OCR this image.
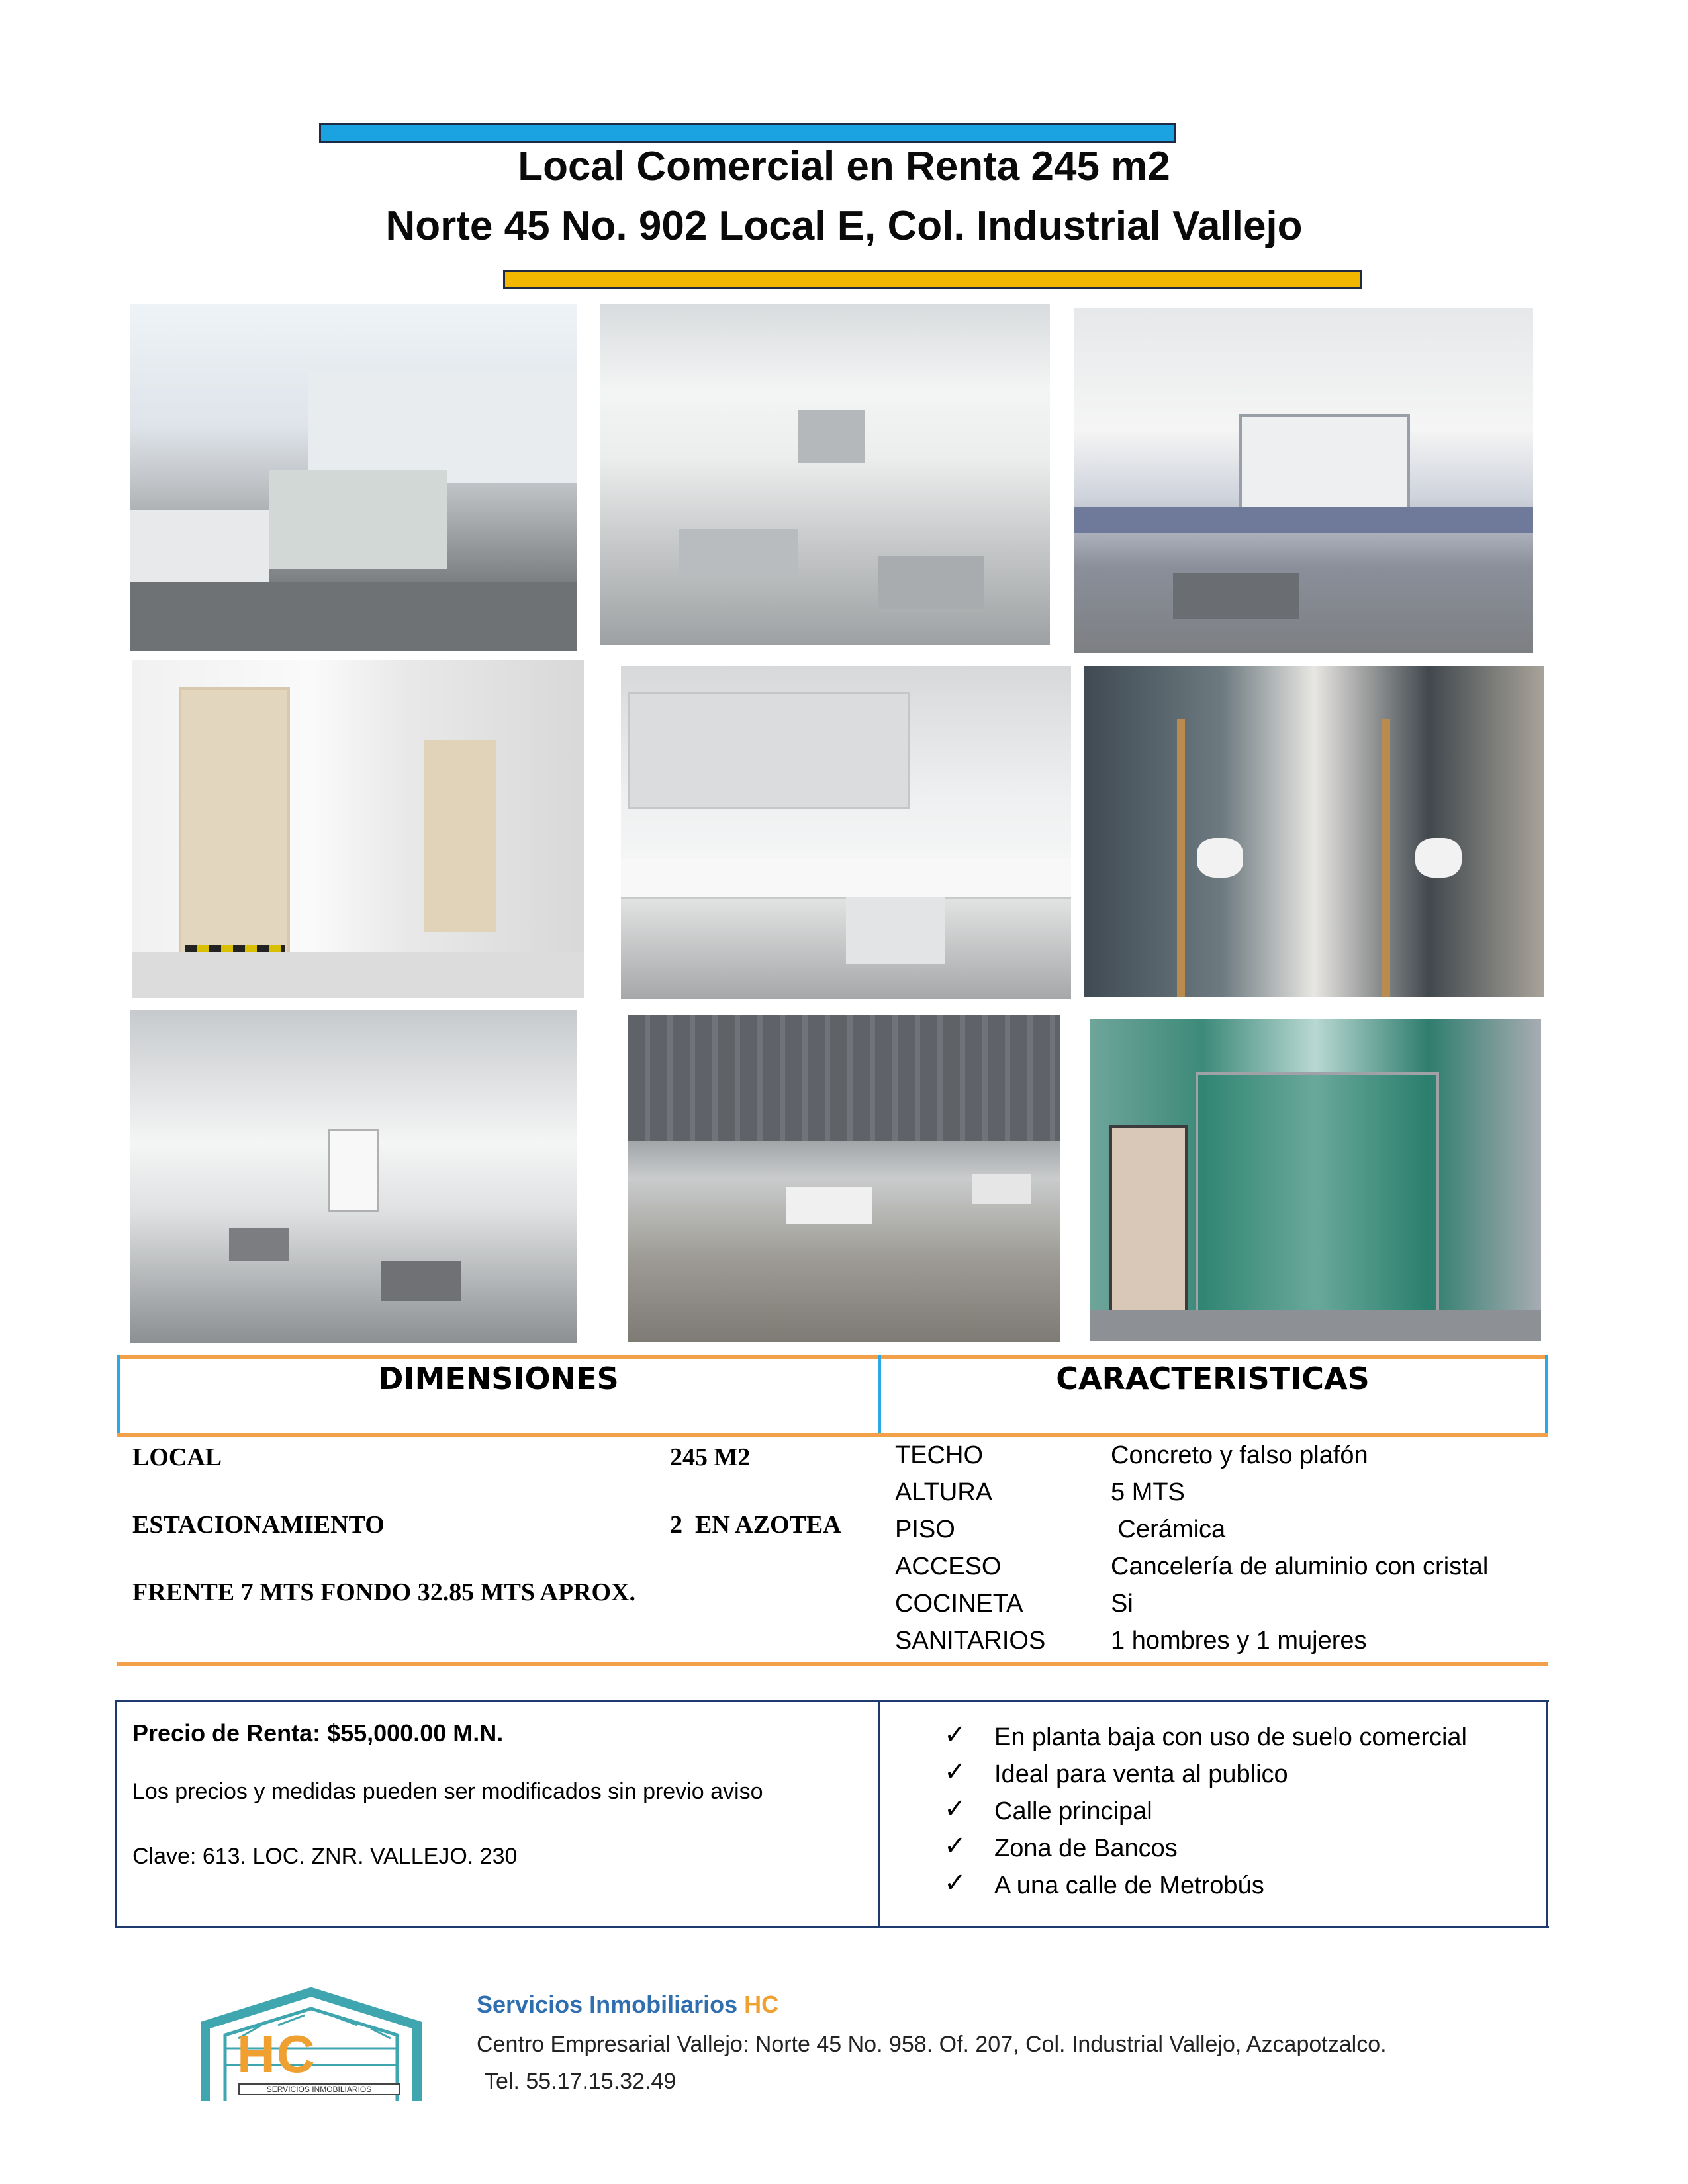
Local Comercial en Renta 245 m2
Norte 45 No. 902 Local E, Col. Industrial Vallejo
DIMENSIONES	CARACTERISTICAS
LOCAL	245 M2
ESTACIONAMIENTO	2  EN AZOTEA
FRENTE 7 MTS FONDO 32.85 MTS APROX.
TECHO	Concreto y falso plafón
ALTURA	5 MTS
PISO	Cerámica
ACCESO	Cancelería de aluminio con cristal
COCINETA	Si
SANITARIOS	1 hombres y 1 mujeres
Precio de Renta: $55,000.00 M.N.
Los precios y medidas pueden ser modificados sin previo aviso
Clave: 613. LOC. ZNR. VALLEJO. 230
✓ En planta baja con uso de suelo comercial
✓ Ideal para venta al publico
✓ Calle principal
✓ Zona de Bancos
✓ A una calle de Metrobús
HC
SERVICIOS INMOBILIARIOS
Servicios Inmobiliarios HC
Centro Empresarial Vallejo: Norte 45 No. 958. Of. 207, Col. Industrial Vallejo, Azcapotzalco.
Tel. 55.17.15.32.49
